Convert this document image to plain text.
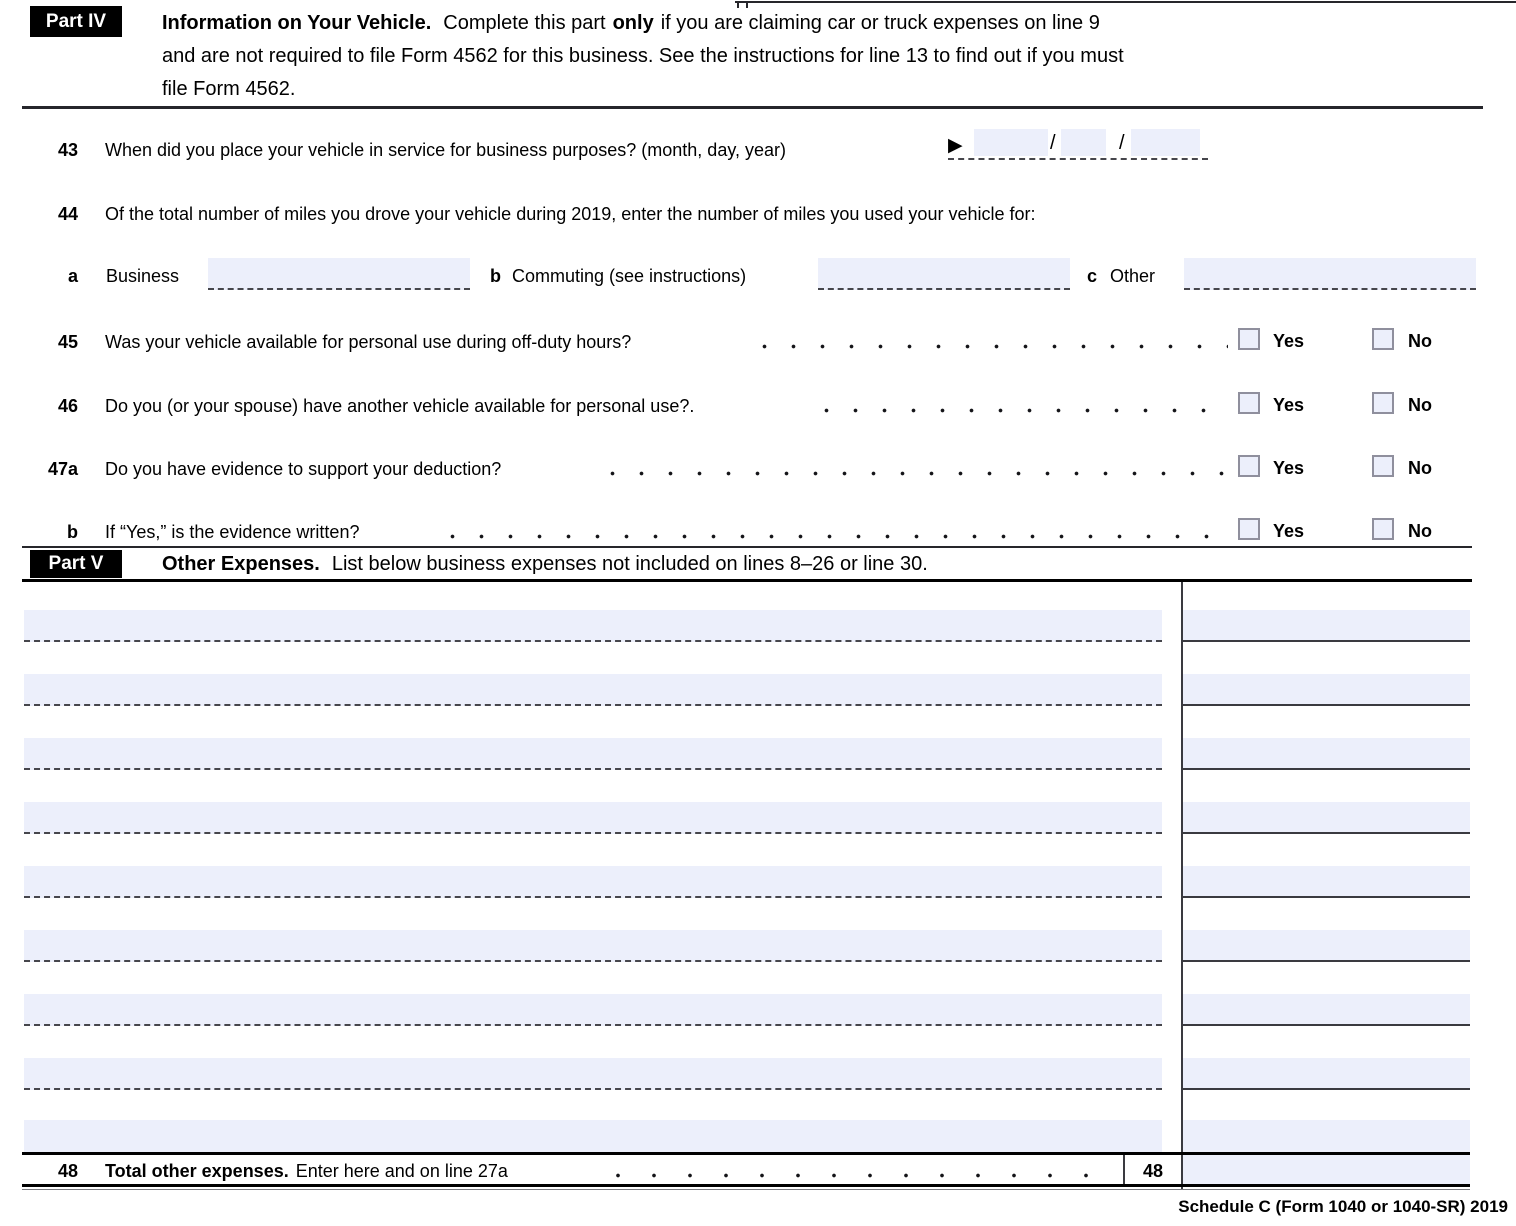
Part IV	Information on Your Vehicle. Complete this part only if you are claiming car or truck expenses on line 9
and are not required to file Form 4562 for this business. See the instructions for line 13 to find out if you must
file Form 4562.
43 When did you place your vehicle in service for business purposes? (month, day, year)	▶	/	/
44 Of the total number of miles you drove your vehicle during 2019, enter the number of miles you used your vehicle for:
a Business	b Commuting (see instructions)	c Other
45 Was your vehicle available for personal use during off-duty hours?	Yes	No
46 Do you (or your spouse) have another vehicle available for personal use?.	Yes	No
47a Do you have evidence to support your deduction?	Yes	No
b If “Yes,” is the evidence written?	Yes	No
Part V	Other Expenses. List below business expenses not included on lines 8–26 or line 30.
48 Total other expenses. Enter here and on line 27a	48
Schedule C (Form 1040 or 1040-SR) 2019
